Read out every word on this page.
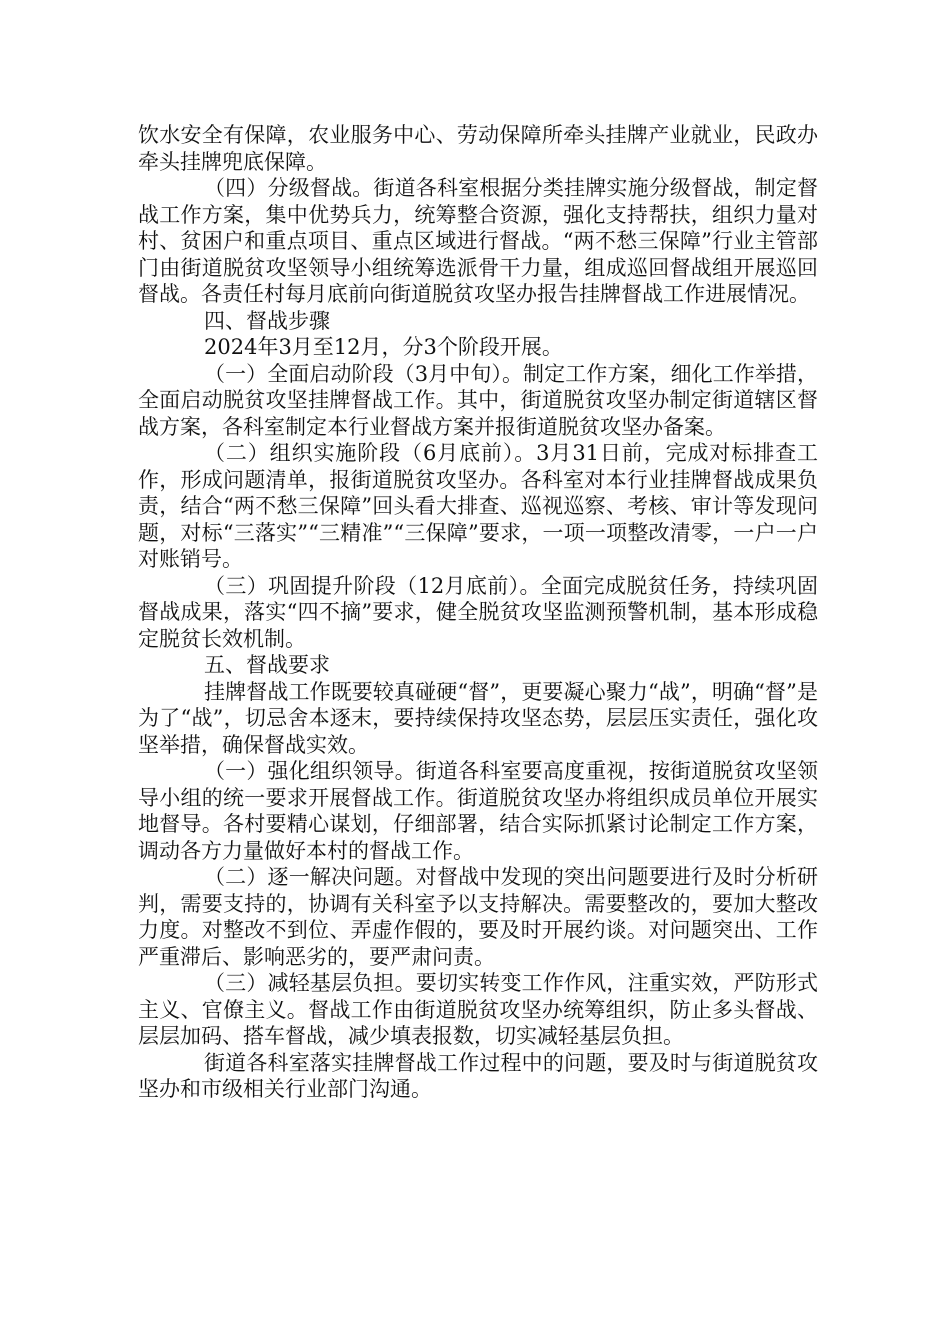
饮水安全有保障，农业服务中心、劳动保障所牵头挂牌产业就业，民政办牵头挂牌兜底保障。

（四）分级督战。街道各科室根据分类挂牌实施分级督战，制定督战工作方案，集中优势兵力，统筹整合资源，强化支持帮扶，组织力量对村、贫困户和重点项目、重点区域进行督战。“两不愁三保障”行业主管部门由街道脱贫攻坚领导小组统筹选派骨干力量，组成巡回督战组开展巡回督战。各责任村每月底前向街道脱贫攻坚办报告挂牌督战工作进展情况。

四、督战步骤

2024年3月至12月，分3个阶段开展。

（一）全面启动阶段（3月中旬）。制定工作方案，细化工作举措，全面启动脱贫攻坚挂牌督战工作。其中，街道脱贫攻坚办制定街道辖区督战方案，各科室制定本行业督战方案并报街道脱贫攻坚办备案。

（二）组织实施阶段（6月底前）。3月31日前，完成对标排查工作，形成问题清单，报街道脱贫攻坚办。各科室对本行业挂牌督战成果负责，结合“两不愁三保障”回头看大排查、巡视巡察、考核、审计等发现问题，对标“三落实”“三精准”“三保障”要求，一项一项整改清零，一户一户对账销号。

（三）巩固提升阶段（12月底前）。全面完成脱贫任务，持续巩固督战成果，落实“四不摘”要求，健全脱贫攻坚监测预警机制，基本形成稳定脱贫长效机制。

五、督战要求

挂牌督战工作既要较真碰硬“督”，更要凝心聚力“战”，明确“督”是为了“战”，切忌舍本逐末，要持续保持攻坚态势，层层压实责任，强化攻坚举措，确保督战实效。

（一）强化组织领导。街道各科室要高度重视，按街道脱贫攻坚领导小组的统一要求开展督战工作。街道脱贫攻坚办将组织成员单位开展实地督导。各村要精心谋划，仔细部署，结合实际抓紧讨论制定工作方案，调动各方力量做好本村的督战工作。

（二）逐一解决问题。对督战中发现的突出问题要进行及时分析研判，需要支持的，协调有关科室予以支持解决。需要整改的，要加大整改力度。对整改不到位、弄虚作假的，要及时开展约谈。对问题突出、工作严重滞后、影响恶劣的，要严肃问责。

（三）减轻基层负担。要切实转变工作作风，注重实效，严防形式主义、官僚主义。督战工作由街道脱贫攻坚办统筹组织，防止多头督战、层层加码、搭车督战，减少填表报数，切实减轻基层负担。

街道各科室落实挂牌督战工作过程中的问题，要及时与街道脱贫攻坚办和市级相关行业部门沟通。
